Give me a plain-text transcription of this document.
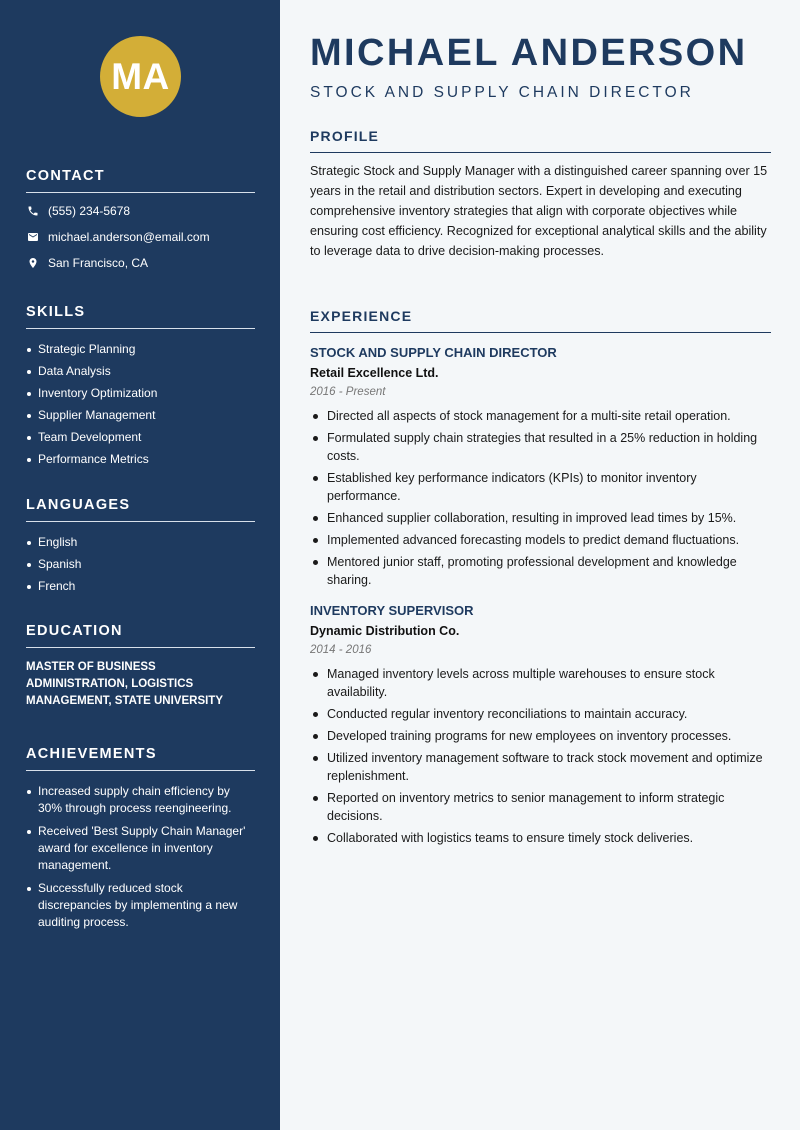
MA
CONTACT
(555) 234-5678
michael.anderson@email.com
San Francisco, CA
SKILLS
Strategic Planning
Data Analysis
Inventory Optimization
Supplier Management
Team Development
Performance Metrics
LANGUAGES
English
Spanish
French
EDUCATION
MASTER OF BUSINESS ADMINISTRATION, LOGISTICS MANAGEMENT, STATE UNIVERSITY
ACHIEVEMENTS
Increased supply chain efficiency by 30% through process reengineering.
Received 'Best Supply Chain Manager' award for excellence in inventory management.
Successfully reduced stock discrepancies by implementing a new auditing process.
MICHAEL ANDERSON
STOCK AND SUPPLY CHAIN DIRECTOR
PROFILE

Strategic Stock and Supply Manager with a distinguished career spanning over 15 years in the retail and distribution sectors. Expert in developing and executing comprehensive inventory strategies that align with corporate objectives while ensuring cost efficiency. Recognized for exceptional analytical skills and the ability to leverage data to drive decision-making processes.

EXPERIENCE
STOCK AND SUPPLY CHAIN DIRECTOR
Retail Excellence Ltd.
2016 - Present
Directed all aspects of stock management for a multi-site retail operation.
Formulated supply chain strategies that resulted in a 25% reduction in holding costs.
Established key performance indicators (KPIs) to monitor inventory performance.
Enhanced supplier collaboration, resulting in improved lead times by 15%.
Implemented advanced forecasting models to predict demand fluctuations.
Mentored junior staff, promoting professional development and knowledge sharing.
INVENTORY SUPERVISOR
Dynamic Distribution Co.
2014 - 2016
Managed inventory levels across multiple warehouses to ensure stock availability.
Conducted regular inventory reconciliations to maintain accuracy.
Developed training programs for new employees on inventory processes.
Utilized inventory management software to track stock movement and optimize replenishment.
Reported on inventory metrics to senior management to inform strategic decisions.
Collaborated with logistics teams to ensure timely stock deliveries.
